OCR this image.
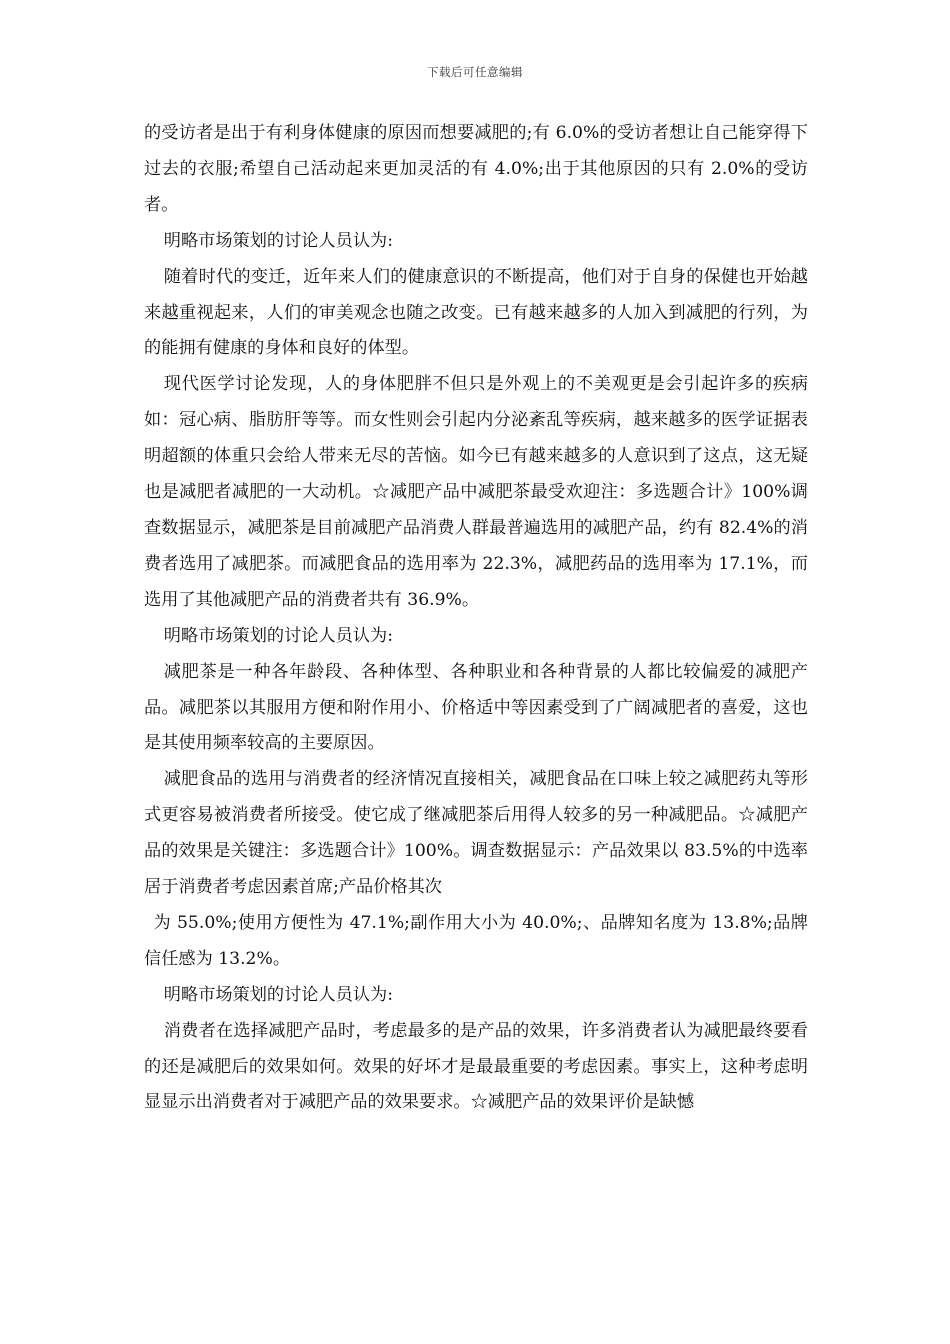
下载后可任意编辑

的受访者是出于有利身体健康的原因而想要减肥的;有 6.0%的受访者想让自己能穿得下过去的衣服;希望自己活动起来更加灵活的有 4.0%;出于其他原因的只有 2.0%的受访者。

明略市场策划的讨论人员认为:

随着时代的变迁，近年来人们的健康意识的不断提高，他们对于自身的保健也开始越来越重视起来，人们的审美观念也随之改变。已有越来越多的人加入到减肥的行列，为的能拥有健康的身体和良好的体型。

现代医学讨论发现，人的身体肥胖不但只是外观上的不美观更是会引起许多的疾病如：冠心病、脂肪肝等等。而女性则会引起内分泌紊乱等疾病，越来越多的医学证据表明超额的体重只会给人带来无尽的苦恼。如今已有越来越多的人意识到了这点，这无疑也是减肥者减肥的一大动机。☆减肥产品中减肥茶最受欢迎注：多选题合计》100%调查数据显示，减肥茶是目前减肥产品消费人群最普遍选用的减肥产品，约有 82.4%的消费者选用了减肥茶。而减肥食品的选用率为 22.3%，减肥药品的选用率为 17.1%，而选用了其他减肥产品的消费者共有 36.9%。

明略市场策划的讨论人员认为:

减肥茶是一种各年龄段、各种体型、各种职业和各种背景的人都比较偏爱的减肥产品。减肥茶以其服用方便和附作用小、价格适中等因素受到了广阔减肥者的喜爱，这也是其使用频率较高的主要原因。

减肥食品的选用与消费者的经济情况直接相关，减肥食品在口味上较之减肥药丸等形式更容易被消费者所接受。使它成了继减肥茶后用得人较多的另一种减肥品。☆减肥产品的效果是关键注：多选题合计》100%。调查数据显示：产品效果以 83.5%的中选率居于消费者考虑因素首席;产品价格其次

为 55.0%;使用方便性为 47.1%;副作用大小为 40.0%;、品牌知名度为 13.8%;品牌信任感为 13.2%。

明略市场策划的讨论人员认为:

消费者在选择减肥产品时，考虑最多的是产品的效果，许多消费者认为减肥最终要看的还是减肥后的效果如何。效果的好坏才是最最重要的考虑因素。事实上，这种考虑明显显示出消费者对于减肥产品的效果要求。☆减肥产品的效果评价是缺憾
